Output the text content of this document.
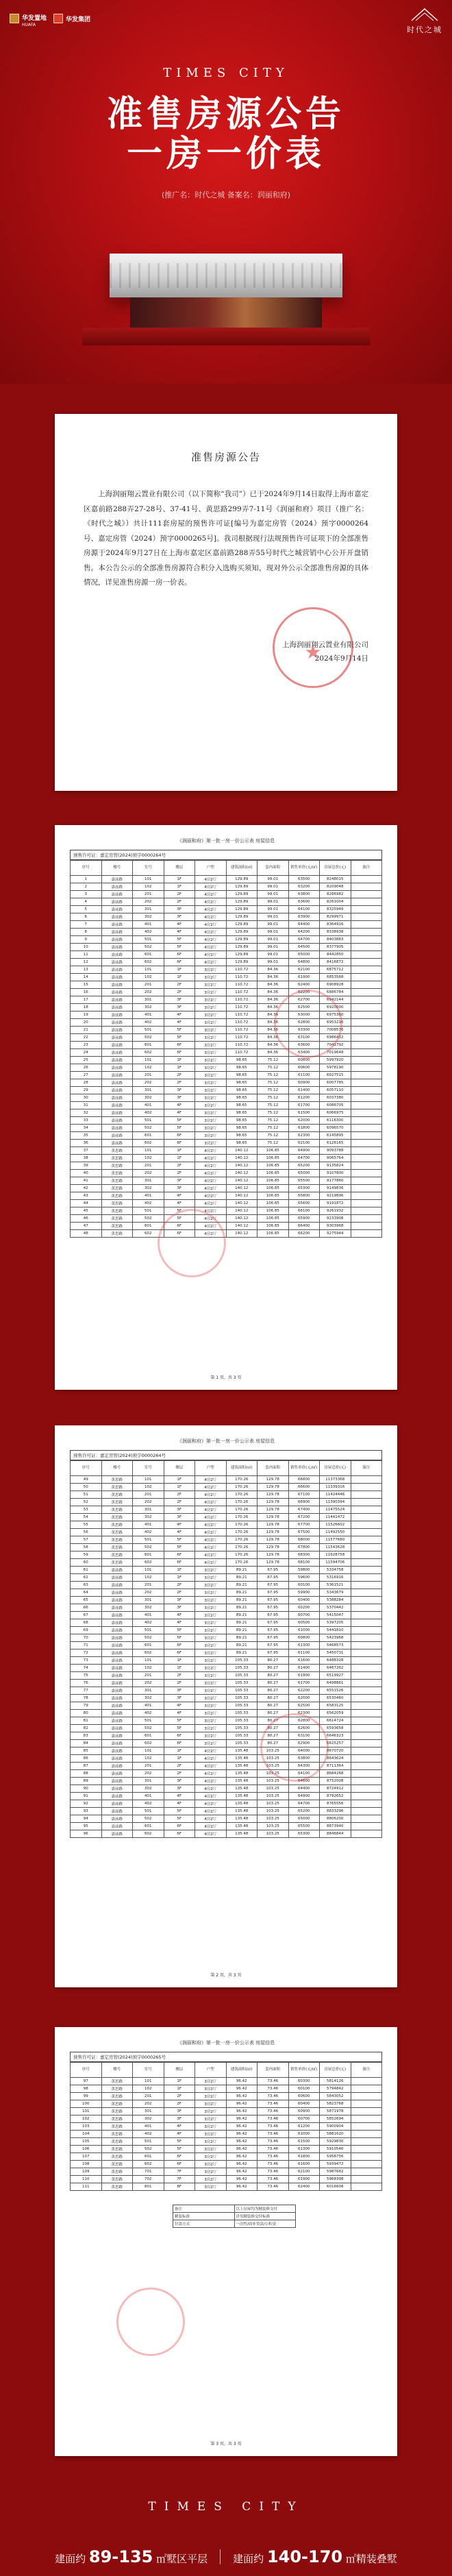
华发置地
HUAFA
华发集团
时代之城
TIMES CITY
准售房源公告
一房一价表
(推广名：时代之城 备案名：润丽和府)
准售房源公告

上海润丽翔云置业有限公司（以下简称“我司”）已于2024年9月14日取得上海市嘉定区嘉前路288弄27-28号、37-41号、黄思路299弄7-11号《润丽和府》项目（推广名：《时代之城》）共计111套房屋的预售许可证[编号为嘉定房管（2024）预字0000264号、嘉定房管（2024）预字0000265号]。我司根据现行法规预售许可证项下的全部准售房源于2024年9月27日在上海市嘉定区嘉前路288弄55号时代之城营销中心公开开盘销售。本公告公示的全部准售房源符合积分入选购买须知，现对外公示全部准售房源的具体情况，详见准售房源一房一价表。

★
上海润丽翔云置业有限公司
2024年9月14日
《润丽和府》第一批一房一价公示表 房屋信息
预售许可证：嘉定房管(2024)预字0000264号
序号	楼号	室号	楼层	户型	建筑面积(㎡)	套内面积	销售单价(元/㎡)	房屋总价(元)	备注
1	嘉前路	101	1F	4房2厅	129.89	99.01	63500	8248015	
2	嘉前路	102	1F	4房2厅	129.89	99.01	63200	8209048	
3	嘉前路	201	2F	4房2厅	129.89	99.01	63800	8286982	
4	嘉前路	202	2F	4房2厅	129.89	99.01	63600	8261004	
5	嘉前路	301	3F	4房2厅	129.89	99.01	64100	8325949	
6	嘉前路	302	3F	4房2厅	129.89	99.01	63900	8299971	
7	嘉前路	401	4F	4房2厅	129.89	99.01	64400	8364916	
8	嘉前路	402	4F	4房2厅	129.89	99.01	64200	8338938	
9	嘉前路	501	5F	4房2厅	129.89	99.01	64700	8403883	
10	嘉前路	502	5F	4房2厅	129.89	99.01	64500	8377905	
11	嘉前路	601	6F	4房2厅	129.89	99.01	65000	8442850	
12	嘉前路	602	6F	4房2厅	129.89	99.01	64800	8416872	
13	嘉前路	101	1F	3房2厅	110.72	84.36	62100	6875712	
14	嘉前路	102	1F	3房2厅	110.72	84.36	61900	6853568	
15	嘉前路	201	2F	3房2厅	110.72	84.36	62400	6908928	
16	嘉前路	202	2F	3房2厅	110.72	84.36	62200	6886784	
17	嘉前路	301	3F	3房2厅	110.72	84.36	62700	6942144	
18	嘉前路	302	3F	3房2厅	110.72	84.36	62500	6920000	
19	嘉前路	401	4F	3房2厅	110.72	84.36	63000	6975360	
20	嘉前路	402	4F	3房2厅	110.72	84.36	62800	6953216	
21	嘉前路	501	5F	3房2厅	110.72	84.36	63300	7008576	
22	嘉前路	502	5F	3房2厅	110.72	84.36	63100	6986432	
23	嘉前路	601	6F	3房2厅	110.72	84.36	63600	7041792	
24	嘉前路	602	6F	3房2厅	110.72	84.36	63400	7019648	
25	嘉前路	101	1F	3房2厅	98.65	75.12	60800	5997920	
26	嘉前路	102	1F	3房2厅	98.65	75.12	60600	5978190	
27	嘉前路	201	2F	3房2厅	98.65	75.12	61100	6027515	
28	嘉前路	202	2F	3房2厅	98.65	75.12	60900	6007785	
29	嘉前路	301	3F	3房2厅	98.65	75.12	61400	6057110	
30	嘉前路	302	3F	3房2厅	98.65	75.12	61200	6037380	
31	嘉前路	401	4F	3房2厅	98.65	75.12	61700	6086705	
32	嘉前路	402	4F	3房2厅	98.65	75.12	61500	6066975	
33	嘉前路	501	5F	3房2厅	98.65	75.12	62000	6116300	
34	嘉前路	502	5F	3房2厅	98.65	75.12	61800	6096570	
35	嘉前路	601	6F	3房2厅	98.65	75.12	62300	6145895	
36	嘉前路	602	6F	3房2厅	98.65	75.12	62100	6126165	
37	黄思路	101	1F	4房2厅	140.12	106.85	64900	9093788	
38	黄思路	102	1F	4房2厅	140.12	106.85	64700	9065764	
39	黄思路	201	2F	4房2厅	140.12	106.85	65200	9135824	
40	黄思路	202	2F	4房2厅	140.12	106.85	65000	9107800	
41	黄思路	301	3F	4房2厅	140.12	106.85	65500	9177860	
42	黄思路	302	3F	4房2厅	140.12	106.85	65300	9149836	
43	黄思路	401	4F	4房2厅	140.12	106.85	65800	9219896	
44	黄思路	402	4F	4房2厅	140.12	106.85	65600	9191872	
45	黄思路	501	5F	4房2厅	140.12	106.85	66100	9261932	
46	黄思路	502	5F	4房2厅	140.12	106.85	65900	9233908	
47	黄思路	601	6F	4房2厅	140.12	106.85	66400	9303968	
48	黄思路	602	6F	4房2厅	140.12	106.85	66200	9275944	
第 1 页，共 3 页
《润丽和府》第一批一房一价公示表 房屋信息
预售许可证：嘉定房管(2024)预字0000264号
序号	楼号	室号	楼层	户型	建筑面积(㎡)	套内面积	销售单价(元/㎡)	房屋总价(元)	备注
49	黄思路	101	1F	4房2厅	170.26	129.78	66800	11373368	
50	黄思路	102	1F	4房2厅	170.26	129.78	66600	11339316	
51	黄思路	201	2F	4房2厅	170.26	129.78	67100	11424446	
52	黄思路	202	2F	4房2厅	170.26	129.78	66900	11390394	
53	黄思路	301	3F	4房2厅	170.26	129.78	67400	11475524	
54	黄思路	302	3F	4房2厅	170.26	129.78	67200	11441472	
55	黄思路	401	4F	4房2厅	170.26	129.78	67700	11526602	
56	黄思路	402	4F	4房2厅	170.26	129.78	67500	11492550	
57	黄思路	501	5F	4房2厅	170.26	129.78	68000	11577680	
58	黄思路	502	5F	4房2厅	170.26	129.78	67800	11543628	
59	黄思路	601	6F	4房2厅	170.26	129.78	68300	11628758	
60	黄思路	602	6F	4房2厅	170.26	129.78	68100	11594706	
61	嘉前路	101	1F	3房2厅	89.21	67.95	59800	5334758	
62	嘉前路	102	1F	3房2厅	89.21	67.95	59600	5316916	
63	嘉前路	201	2F	3房2厅	89.21	67.95	60100	5361521	
64	嘉前路	202	2F	3房2厅	89.21	67.95	59900	5343679	
65	嘉前路	301	3F	3房2厅	89.21	67.95	60400	5388284	
66	嘉前路	302	3F	3房2厅	89.21	67.95	60200	5370442	
67	嘉前路	401	4F	3房2厅	89.21	67.95	60700	5415047	
68	嘉前路	402	4F	3房2厅	89.21	67.95	60500	5397205	
69	嘉前路	501	5F	3房2厅	89.21	67.95	61000	5441810	
70	嘉前路	502	5F	3房2厅	89.21	67.95	60800	5423968	
71	嘉前路	601	6F	3房2厅	89.21	67.95	61300	5468573	
72	嘉前路	602	6F	3房2厅	89.21	67.95	61100	5450731	
73	嘉前路	101	1F	3房2厅	105.33	80.27	61600	6488328	
74	嘉前路	102	1F	3房2厅	105.33	80.27	61400	6467262	
75	嘉前路	201	2F	3房2厅	105.33	80.27	61900	6519927	
76	嘉前路	202	2F	3房2厅	105.33	80.27	61700	6498861	
77	嘉前路	301	3F	3房2厅	105.33	80.27	62200	6551526	
78	嘉前路	302	3F	3房2厅	105.33	80.27	62000	6530460	
79	嘉前路	401	4F	3房2厅	105.33	80.27	62500	6583125	
80	嘉前路	402	4F	3房2厅	105.33	80.27	62300	6562059	
81	嘉前路	501	5F	3房2厅	105.33	80.27	62800	6614724	
82	嘉前路	502	5F	3房2厅	105.33	80.27	62600	6593658	
83	嘉前路	601	6F	3房2厅	105.33	80.27	63100	6646323	
84	嘉前路	602	6F	3房2厅	105.33	80.27	62900	6625257	
85	嘉前路	101	1F	4房2厅	135.48	103.25	64000	8670720	
86	嘉前路	102	1F	4房2厅	135.48	103.25	63800	8643624	
87	嘉前路	201	2F	4房2厅	135.48	103.25	64300	8711364	
88	嘉前路	202	2F	4房2厅	135.48	103.25	64100	8684268	
89	嘉前路	301	3F	4房2厅	135.48	103.25	64600	8752008	
90	嘉前路	302	3F	4房2厅	135.48	103.25	64400	8724912	
91	嘉前路	401	4F	4房2厅	135.48	103.25	64900	8792652	
92	嘉前路	402	4F	4房2厅	135.48	103.25	64700	8765556	
93	嘉前路	501	5F	4房2厅	135.48	103.25	65200	8833296	
94	嘉前路	502	5F	4房2厅	135.48	103.25	65000	8806200	
95	嘉前路	601	6F	4房2厅	135.48	103.25	65500	8873940	
96	嘉前路	602	6F	4房2厅	135.48	103.25	65300	8846844	
第 2 页，共 3 页
《润丽和府》第一批一房一价公示表 房屋信息
预售许可证：嘉定房管(2024)预字0000265号
序号	楼号	室号	楼层	户型	建筑面积(㎡)	套内面积	销售单价(元/㎡)	房屋总价(元)	备注
97	黄思路	101	1F	3房2厅	96.42	73.46	60300	5814126	
98	黄思路	102	1F	3房2厅	96.42	73.46	60100	5794842	
99	黄思路	201	2F	3房2厅	96.42	73.46	60600	5843052	
100	黄思路	202	2F	3房2厅	96.42	73.46	60400	5823768	
101	黄思路	301	3F	3房2厅	96.42	73.46	60900	5871978	
102	黄思路	302	3F	3房2厅	96.42	73.46	60700	5852694	
103	黄思路	401	4F	3房2厅	96.42	73.46	61200	5900904	
104	黄思路	402	4F	3房2厅	96.42	73.46	61000	5881620	
105	黄思路	501	5F	3房2厅	96.42	73.46	61500	5929830	
106	黄思路	502	5F	3房2厅	96.42	73.46	61300	5910546	
107	黄思路	601	6F	3房2厅	96.42	73.46	61800	5958756	
108	黄思路	602	6F	3房2厅	96.42	73.46	61600	5939472	
109	黄思路	701	7F	3房2厅	96.42	73.46	62100	5987682	
110	黄思路	702	7F	3房2厅	96.42	73.46	61900	5968398	
111	黄思路	801	8F	3房2厅	96.42	73.46	62400	6016608	
备注	以上房屋均为精装修交付
精装标准	详见精装修交付标准
付款方式	一次性/商业贷款/公积金
第 3 页，共 3 页
TIMES CITY
建面约 89-135 ㎡墅区平层 建面约 140-170 ㎡精装叠墅
